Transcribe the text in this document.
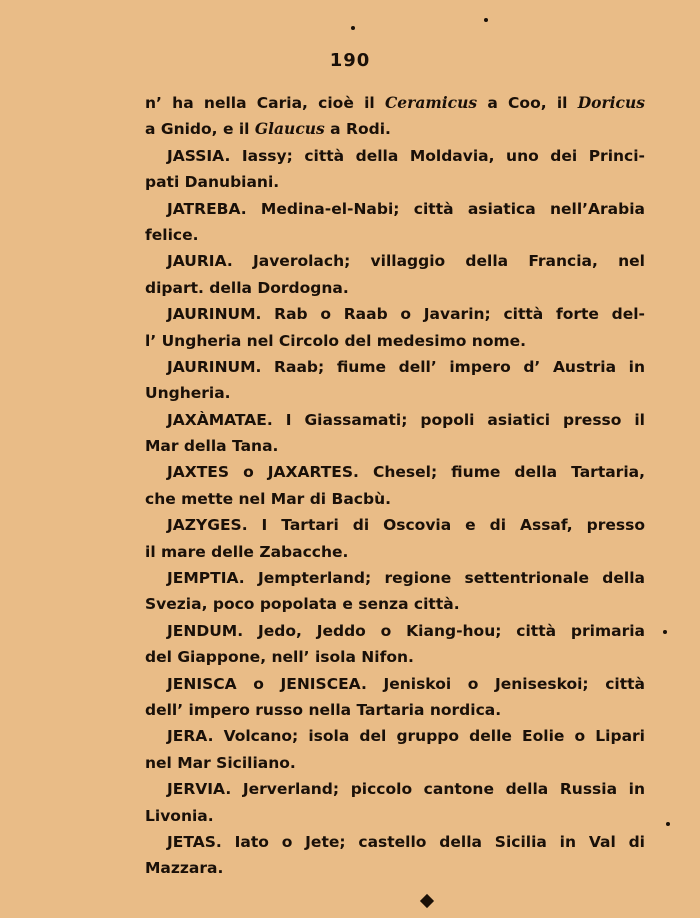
190
n’ ha nella Caria, cioè il Ceramicus a Coo, il Doricus
a Gnido, e il Glaucus a Rodi.
JASSIA. Iassy; città della Moldavia, uno dei Princi-
pati Danubiani.
JATREBA. Medina-el-Nabi; città asiatica nell’Arabia
felice.
JAURIA. Javerolach; villaggio della Francia, nel
dipart. della Dordogna.
JAURINUM. Rab o Raab o Javarin; città forte del-
l’ Ungheria nel Circolo del medesimo nome.
JAURINUM. Raab; fiume dell’ impero d’ Austria in
Ungheria.
JAXÀMATAE. I Giassamati; popoli asiatici presso il
Mar della Tana.
JAXTES o JAXARTES. Chesel; fiume della Tartaria,
che mette nel Mar di Bacbù.
JAZYGES. I Tartari di Oscovia e di Assaf, presso
il mare delle Zabacche.
JEMPTIA. Jempterland; regione settentrionale della
Svezia, poco popolata e senza città.
JENDUM. Jedo, Jeddo o Kiang-hou; città primaria
del Giappone, nell’ isola Nifon.
JENISCA o JENISCEA. Jeniskoi o Jeniseskoi; città
dell’ impero russo nella Tartaria nordica.
JERA. Volcano; isola del gruppo delle Eolie o Lipari
nel Mar Siciliano.
JERVIA. Jerverland; piccolo cantone della Russia in
Livonia.
JETAS. Iato o Jete; castello della Sicilia in Val di
Mazzara.
